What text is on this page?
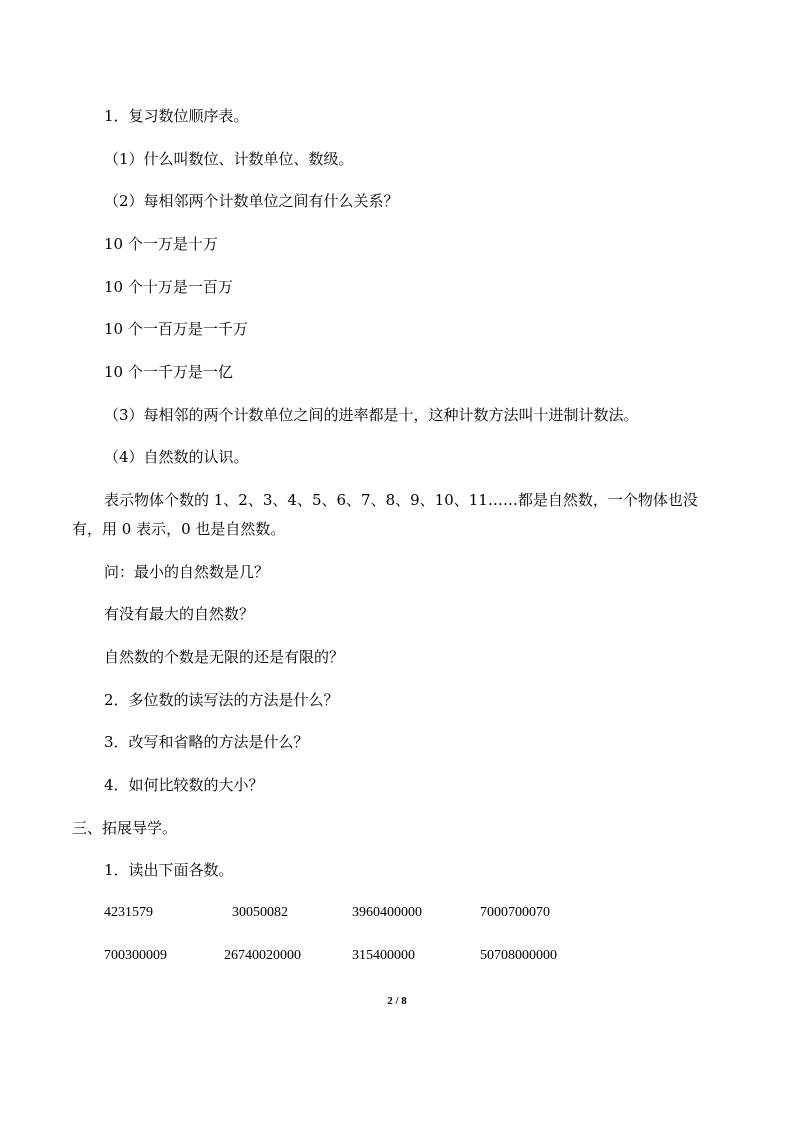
1．复习数位顺序表。
（1）什么叫数位、计数单位、数级。
（2）每相邻两个计数单位之间有什么关系？
10 个一万是十万
10 个十万是一百万
10 个一百万是一千万
10 个一千万是一亿
（3）每相邻的两个计数单位之间的进率都是十，这种计数方法叫十进制计数法。
（4）自然数的认识。
表示物体个数的 1、2、3、4、5、6、7、8、9、10、11……都是自然数，一个物体也没
有，用 0 表示，0 也是自然数。
问：最小的自然数是几？
有没有最大的自然数？
自然数的个数是无限的还是有限的？
2．多位数的读写法的方法是什么？
3．改写和省略的方法是什么？
4．如何比较数的大小？
三、拓展导学。
1．读出下面各数。
4231579	30050082	3960400000	7000700070
700300009	26740020000	315400000	50708000000
2 / 8
